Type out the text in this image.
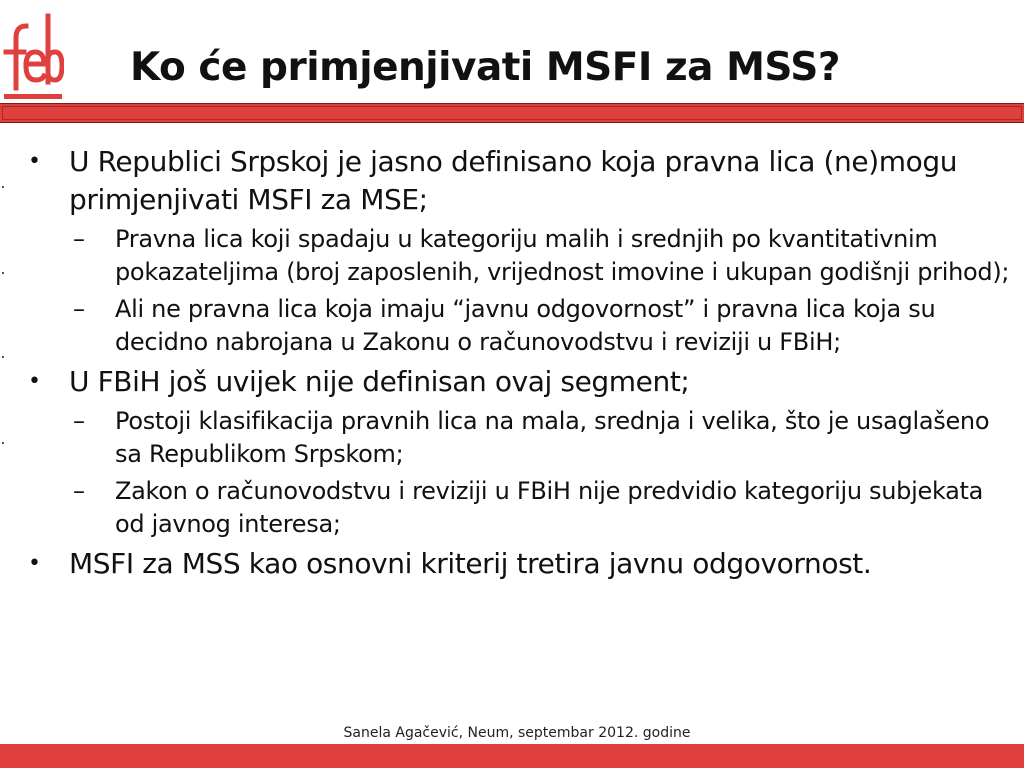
Ko će primjenjivati MSFI za MSS?
• U Republici Srpskoj je jasno definisano koja pravna lica (ne)mogu primjenjivati MSFI za MSE;
– Pravna lica koji spadaju u kategoriju malih i srednjih po kvantitativnim pokazateljima (broj zaposlenih, vrijednost imovine i ukupan godišnji prihod);
– Ali ne pravna lica koja imaju “javnu odgovornost” i pravna lica koja su decidno nabrojana u Zakonu o računovodstvu i reviziji u FBiH;
• U FBiH još uvijek nije definisan ovaj segment;
– Postoji klasifikacija pravnih lica na mala, srednja i velika, što je usaglašeno sa Republikom Srpskom;
– Zakon o računovodstvu i reviziji u FBiH nije predvidio kategoriju subjekata od javnog interesa;
• MSFI za MSS kao osnovni kriterij tretira javnu odgovornost.
Sanela Agačević, Neum, septembar 2012. godine
